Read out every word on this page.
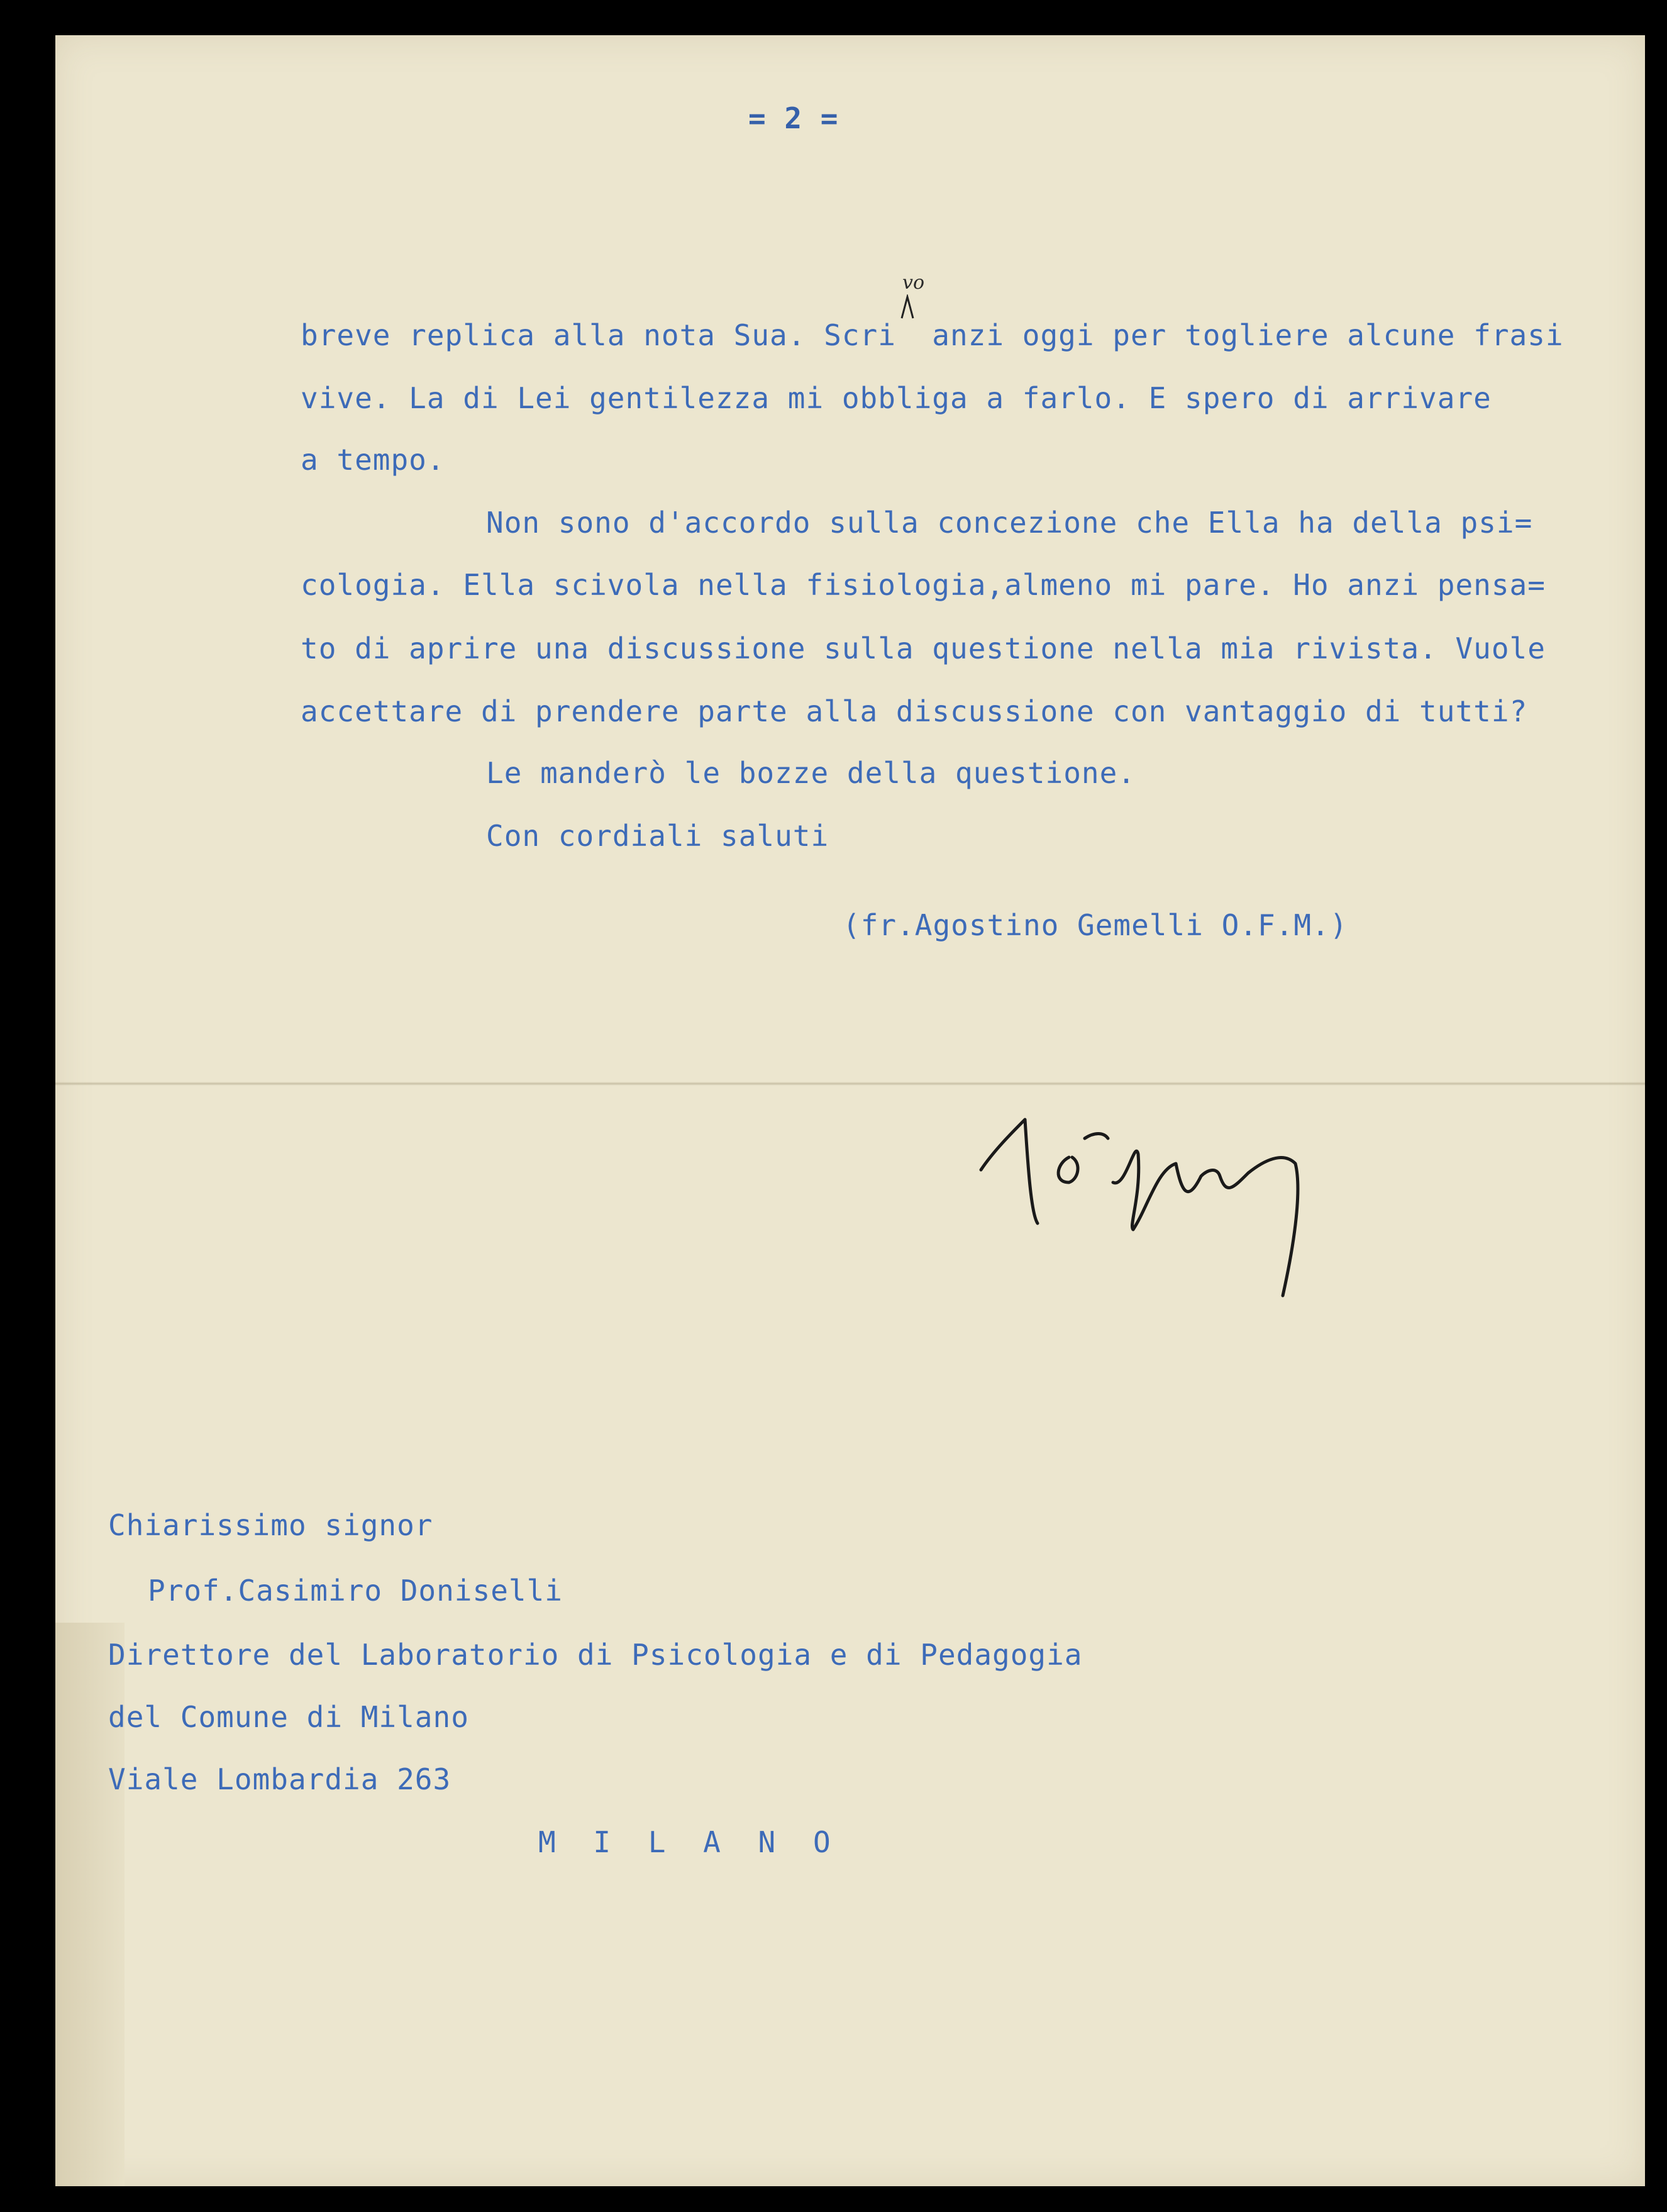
= 2 =
breve replica alla nota Sua. Scri  anzi oggi per togliere alcune frasi
vo
vive. La di Lei gentilezza mi obbliga a farlo. E spero di arrivare
a tempo.
Non sono d'accordo sulla concezione che Ella ha della psi=
cologia. Ella scivola nella fisiologia,almeno mi pare. Ho anzi pensa=
to di aprire una discussione sulla questione nella mia rivista. Vuole
accettare di prendere parte alla discussione con vantaggio di tutti?
Le manderò le bozze della questione.
Con cordiali saluti
(fr.Agostino Gemelli O.F.M.)
Chiarissimo signor
Prof.Casimiro Doniselli
Direttore del Laboratorio di Psicologia e di Pedagogia
del Comune di Milano
Viale Lombardia 263
M I L A N O
